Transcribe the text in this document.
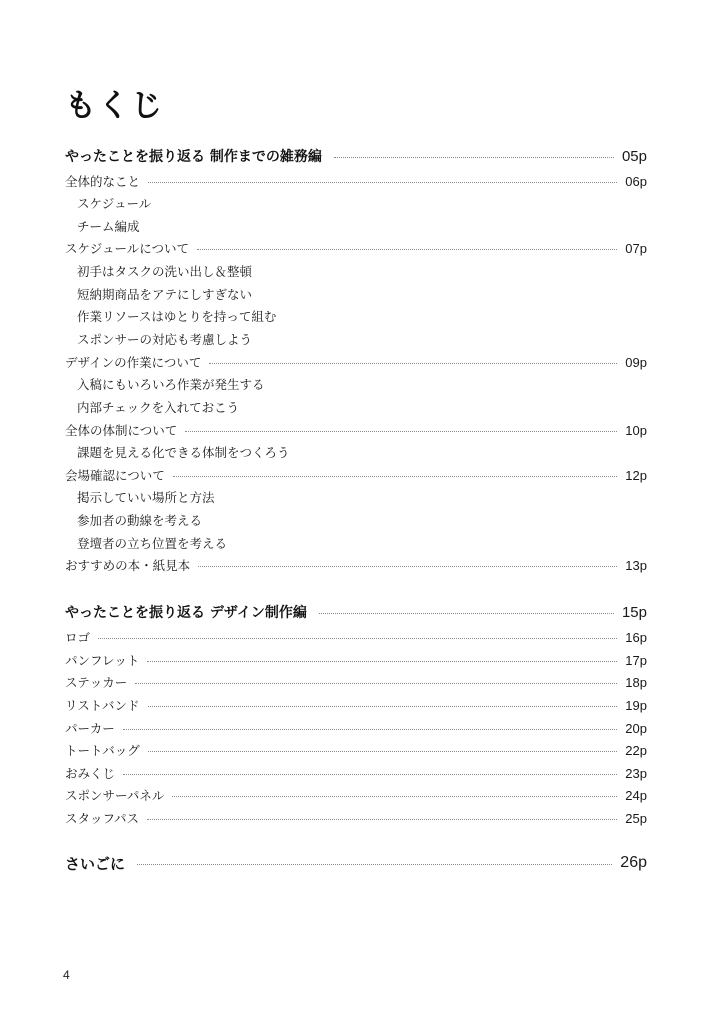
もくじ
やったことを振り返る 制作までの雑務編	05p
全体的なこと	06p
スケジュール
チーム編成
スケジュールについて	07p
初手はタスクの洗い出し＆整頓
短納期商品をアテにしすぎない
作業リソースはゆとりを持って組む
スポンサーの対応も考慮しよう
デザインの作業について	09p
入稿にもいろいろ作業が発生する
内部チェックを入れておこう
全体の体制について	10p
課題を見える化できる体制をつくろう
会場確認について	12p
掲示していい場所と方法
参加者の動線を考える
登壇者の立ち位置を考える
おすすめの本・紙見本	13p
やったことを振り返る デザイン制作編	15p
ロゴ	16p
パンフレット	17p
ステッカー	18p
リストバンド	19p
パーカー	20p
トートバッグ	22p
おみくじ	23p
スポンサーパネル	24p
スタッフパス	25p
さいごに	26p
4
